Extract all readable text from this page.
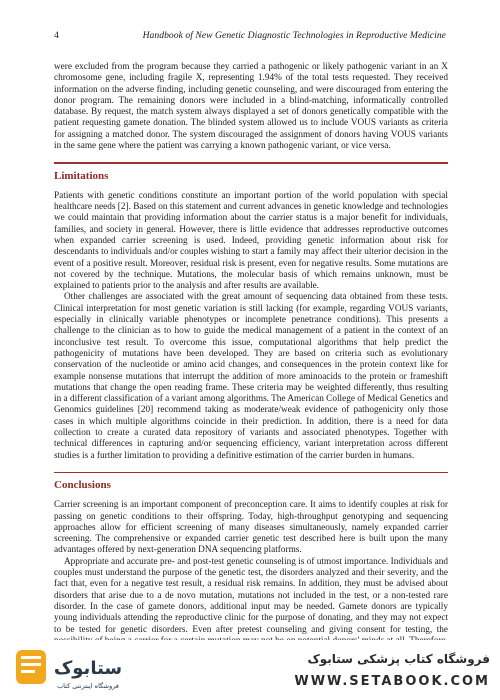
4	Handbook of New Genetic Diagnostic Technologies in Reproductive Medicine

were excluded from the program because they carried a pathogenic or likely pathogenic variant in an X chromosome gene, including fragile X, representing 1.94% of the total tests requested. They received information on the adverse finding, including genetic counseling, and were discouraged from entering the donor program. The remaining donors were included in a blind-matching, informatically controlled database. By request, the match system always displayed a set of donors genetically compatible with the patient requesting gamete donation. The blinded system allowed us to include VOUS variants as criteria for assigning a matched donor. The system discouraged the assignment of donors having VOUS variants in the same gene where the patient was carrying a known pathogenic variant, or vice versa.

Limitations

Patients with genetic conditions constitute an important portion of the world population with special healthcare needs [2]. Based on this statement and current advances in genetic knowledge and technologies we could maintain that providing information about the carrier status is a major benefit for individuals, families, and society in general. However, there is little evidence that addresses reproductive outcomes when expanded carrier screening is used. Indeed, providing genetic information about risk for descendants to individuals and/or couples wishing to start a family may affect their ulterior decision in the event of a positive result. Moreover, residual risk is present, even for negative results. Some mutations are not covered by the technique. Mutations, the molecular basis of which remains unknown, must be explained to patients prior to the analysis and after results are available.

Other challenges are associated with the great amount of sequencing data obtained from these tests. Clinical interpretation for most genetic variation is still lacking (for example, regarding VOUS variants, especially in clinically variable phenotypes or incomplete penetrance conditions). This presents a challenge to the clinician as to how to guide the medical management of a patient in the context of an inconclusive test result. To overcome this issue, computational algorithms that help predict the pathogenicity of mutations have been developed. They are based on criteria such as evolutionary conservation of the nucleotide or amino acid changes, and consequences in the protein context like for example nonsense mutations that interrupt the addition of more aminoacids to the protein or frameshift mutations that change the open reading frame. These criteria may be weighted differently, thus resulting in a different classification of a variant among algorithms. The American College of Medical Genetics and Genomics guidelines [20] recommend taking as moderate/weak evidence of pathogenicity only those cases in which multiple algorithms coincide in their prediction. In addition, there is a need for data collection to create a curated data repository of variants and associated phenotypes. Together with technical differences in capturing and/or sequencing efficiency, variant interpretation across different studies is a further limitation to providing a definitive estimation of the carrier burden in humans.

Conclusions

Carrier screening is an important component of preconception care. It aims to identify couples at risk for passing on genetic conditions to their offspring. Today, high-throughput genotyping and sequencing approaches allow for efficient screening of many diseases simultaneously, namely expanded carrier screening. The comprehensive or expanded carrier genetic test described here is built upon the many advantages offered by next-generation DNA sequencing platforms.

Appropriate and accurate pre- and post-test genetic counseling is of utmost importance. Individuals and couples must understand the purpose of the genetic test, the disorders analyzed and their severity, and the fact that, even for a negative test result, a residual risk remains. In addition, they must be advised about disorders that arise due to a de novo mutation, mutations not included in the test, or a non-tested rare disorder. In the case of gamete donors, additional input may be needed. Gamete donors are typically young individuals attending the reproductive clinic for the purpose of donating, and they may not expect to be tested for genetic disorders. Even after pretest counseling and giving consent for testing, the

ستابوک
فروشگاه اینترنتی کتاب
فروشگاه کتاب پزشکی ستابوک
WWW.SETABOOK.COM
